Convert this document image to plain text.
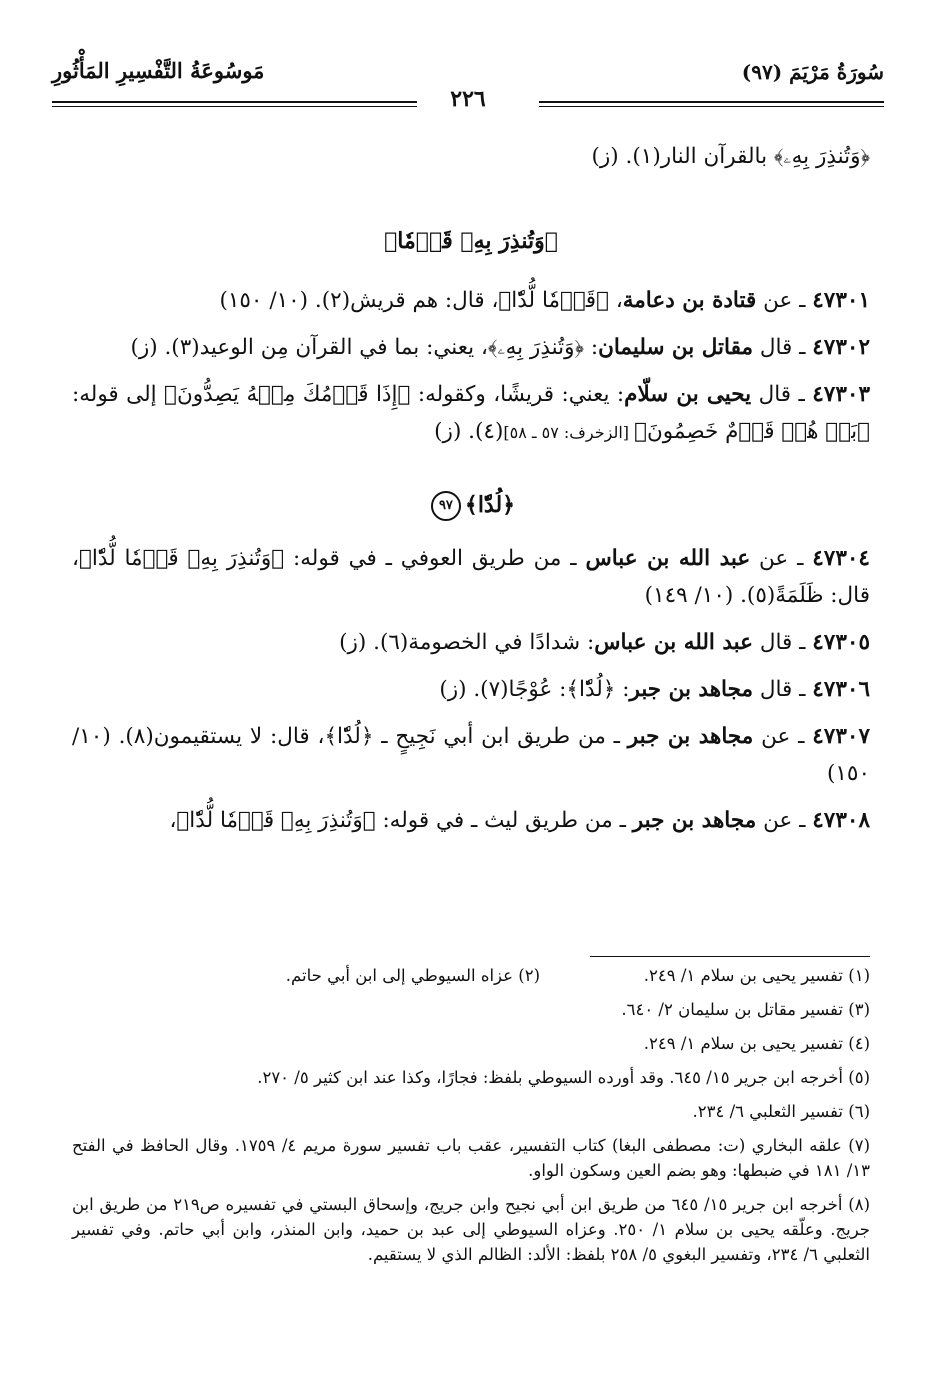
سُورَةُ مَرْيَمَ (٩٧)
مَوسُوعَةُ التَّفْسِيرِ المَأْثُورِ
٢٢٦

﴿وَتُنذِرَ بِهِۦ﴾ بالقرآن النار(١). (ز)

﴿وَتُنذِرَ بِهِۦ قَوۡمٗا﴾

٤٧٣٠١ ـ عن قتادة بن دعامة، ﴿قَوۡمٗا لُّدّٗا﴾، قال: هم قريش(٢). (١٠/ ١٥٠)

٤٧٣٠٢ ـ قال مقاتل بن سليمان: ﴿وَتُنذِرَ بِهِۦ﴾، يعني: بما في القرآن مِن الوعيد(٣). (ز)

٤٧٣٠٣ ـ قال يحيى بن سلّام: يعني: قريشًا، وكقوله: ﴿إِذَا قَوۡمُكَ مِنۡهُ يَصِدُّونَ﴾ إلى قوله: ﴿بَلۡ هُمۡ قَوۡمٌ خَصِمُونَ﴾ [الزخرف: ٥٧ ـ ٥٨](٤). (ز)

﴿لُدّٗا﴾٩٧

٤٧٣٠٤ ـ عن عبد الله بن عباس ـ من طريق العوفي ـ في قوله: ﴿وَتُنذِرَ بِهِۦ قَوۡمٗا لُّدّٗا﴾، قال: ظَلَمَةً(٥). (١٠/ ١٤٩)

٤٧٣٠٥ ـ قال عبد الله بن عباس: شدادًا في الخصومة(٦). (ز)

٤٧٣٠٦ ـ قال مجاهد بن جبر: ﴿لُدّٗا﴾: عُوْجًا(٧). (ز)

٤٧٣٠٧ ـ عن مجاهد بن جبر ـ من طريق ابن أبي نَجِيحٍ ـ ﴿لُدّٗا﴾، قال: لا يستقيمون(٨). (١٠/ ١٥٠)

٤٧٣٠٨ ـ عن مجاهد بن جبر ـ من طريق ليث ـ في قوله: ﴿وَتُنذِرَ بِهِۦ قَوۡمٗا لُّدّٗا﴾،

(١) تفسير يحيى بن سلام ١/ ٢٤٩.
(٢) عزاه السيوطي إلى ابن أبي حاتم.

(٣) تفسير مقاتل بن سليمان ٢/ ٦٤٠.

(٤) تفسير يحيى بن سلام ١/ ٢٤٩.

(٥) أخرجه ابن جرير ١٥/ ٦٤٥. وقد أورده السيوطي بلفظ: فجارًا، وكذا عند ابن كثير ٥/ ٢٧٠.

(٦) تفسير الثعلبي ٦/ ٢٣٤.

(٧) علقه البخاري (ت: مصطفى البغا) كتاب التفسير، عقب باب تفسير سورة مريم ٤/ ١٧٥٩. وقال الحافظ في الفتح ١٣/ ١٨١ في ضبطها: وهو بضم العين وسكون الواو.

(٨) أخرجه ابن جرير ١٥/ ٦٤٥ من طريق ابن أبي نجيح وابن جريج، وإسحاق البستي في تفسيره ص٢١٩ من طريق ابن جريج. وعلّقه يحيى بن سلام ١/ ٢٥٠. وعزاه السيوطي إلى عبد بن حميد، وابن المنذر، وابن أبي حاتم. وفي تفسير الثعلبي ٦/ ٢٣٤، وتفسير البغوي ٥/ ٢٥٨ بلفظ: الألد: الظالم الذي لا يستقيم.
